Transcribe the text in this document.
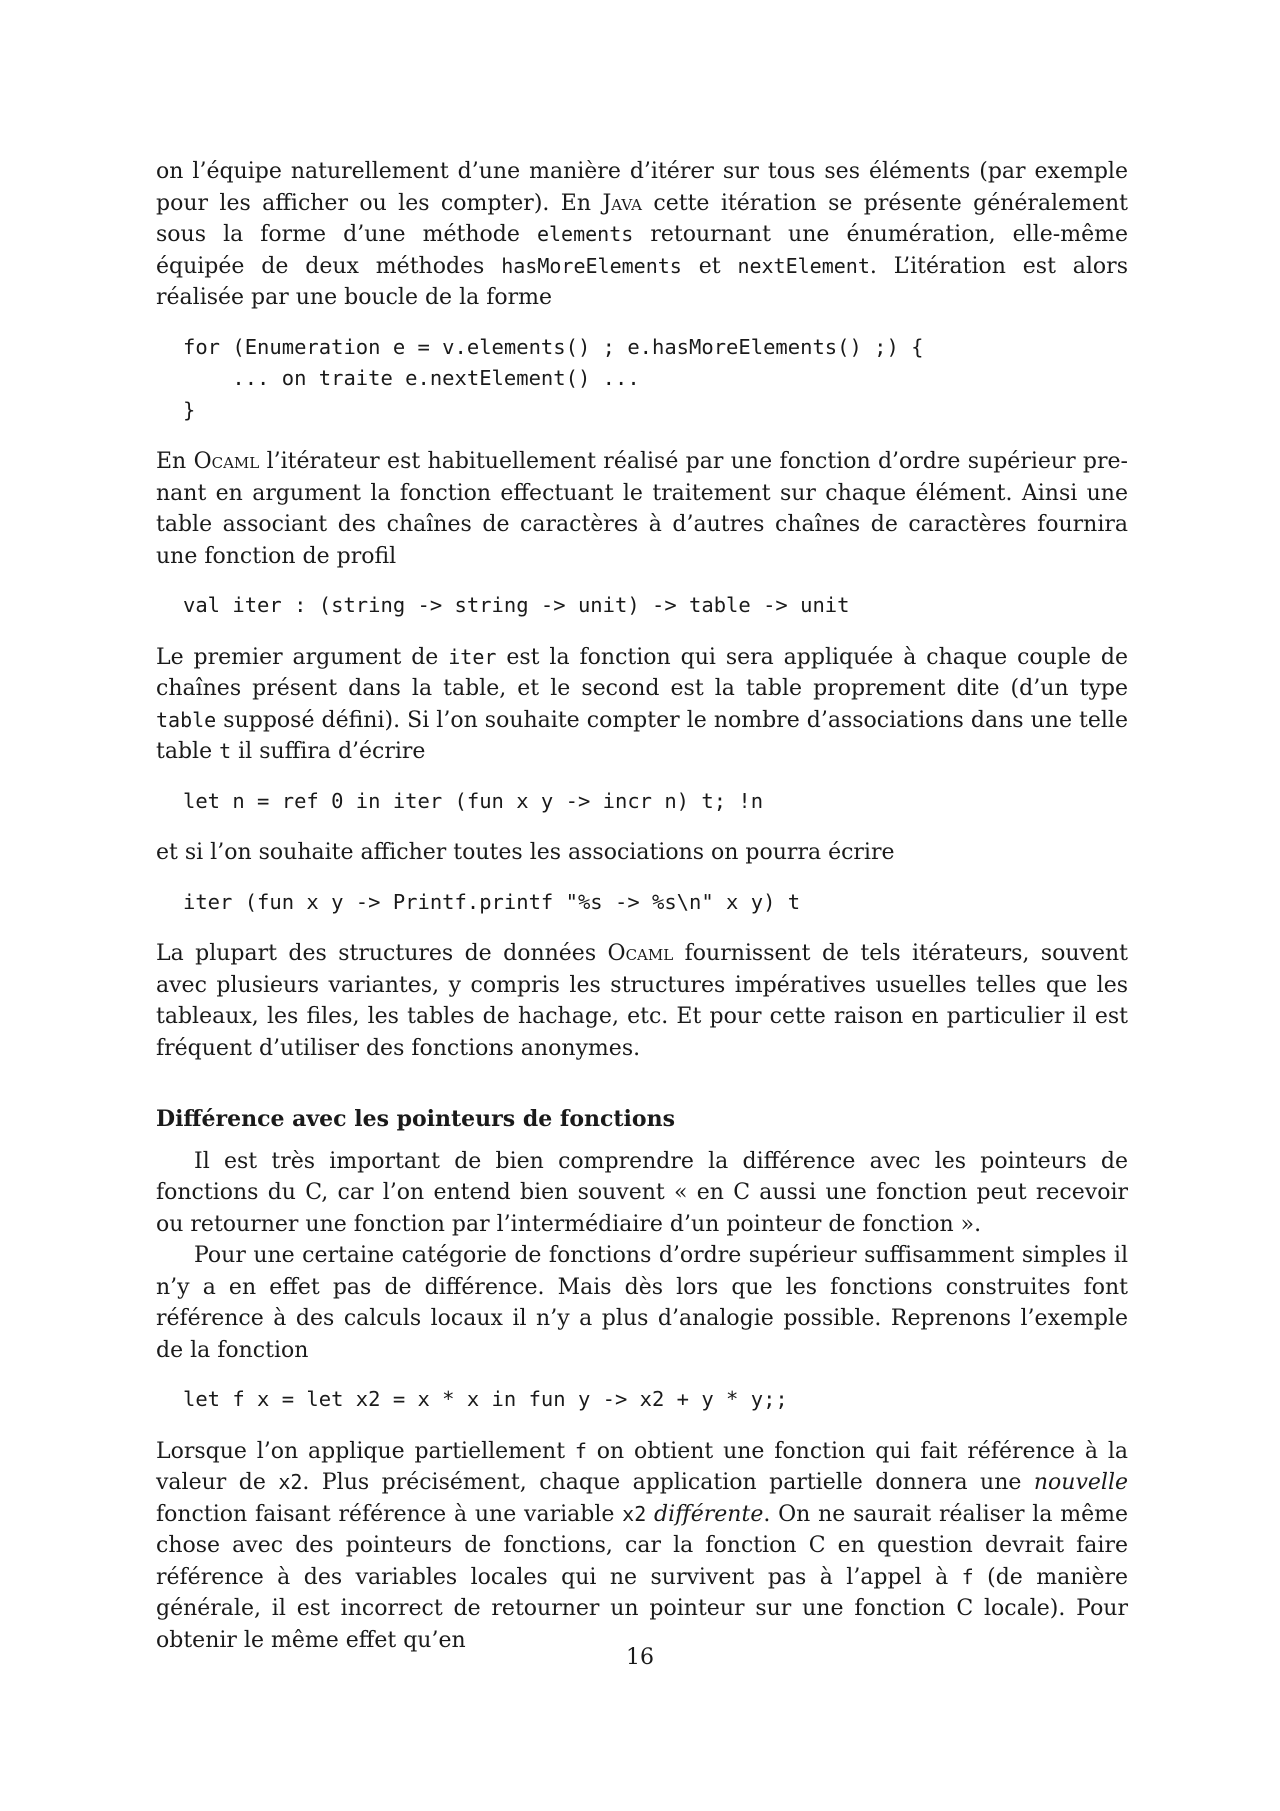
on l’équipe naturellement d’une manière d’itérer sur tous ses éléments (par exemple pour les afficher ou les compter). En Java cette itération se présente généralement sous la forme d’une méthode elements retournant une énumération, elle-même équipée de deux méthodes hasMoreElements et nextElement. L’itération est alors réalisée par une boucle de la forme

for (Enumeration e = v.elements() ; e.hasMoreElements() ;) {
... on traite e.nextElement() ...
}

En Ocaml l’itérateur est habituellement réalisé par une fonction d’ordre supérieur pre-nant en argument la fonction effectuant le traitement sur chaque élément. Ainsi une table associant des chaînes de caractères à d’autres chaînes de caractères fournira une fonction de profil

val iter : (string -> string -> unit) -> table -> unit

Le premier argument de iter est la fonction qui sera appliquée à chaque couple de chaînes présent dans la table, et le second est la table proprement dite (d’un type table supposé défini). Si l’on souhaite compter le nombre d’associations dans une telle table t il suffira d’écrire

let n = ref 0 in iter (fun x y -> incr n) t; !n

et si l’on souhaite afficher toutes les associations on pourra écrire

iter (fun x y -> Printf.printf "%s -> %s\n" x y) t

La plupart des structures de données Ocaml fournissent de tels itérateurs, souvent avec plusieurs variantes, y compris les structures impératives usuelles telles que les tableaux, les files, les tables de hachage, etc. Et pour cette raison en particulier il est fréquent d’utiliser des fonctions anonymes.

Différence avec les pointeurs de fonctions

Il est très important de bien comprendre la différence avec les pointeurs de fonctions du C, car l’on entend bien souvent « en C aussi une fonction peut recevoir ou retourner une fonction par l’intermédiaire d’un pointeur de fonction ».

Pour une certaine catégorie de fonctions d’ordre supérieur suffisamment simples il n’y a en effet pas de différence. Mais dès lors que les fonctions construites font référence à des calculs locaux il n’y a plus d’analogie possible. Reprenons l’exemple de la fonction

let f x = let x2 = x * x in fun y -> x2 + y * y;;

Lorsque l’on applique partiellement f on obtient une fonction qui fait référence à la valeur de x2. Plus précisément, chaque application partielle donnera une nouvelle fonction faisant référence à une variable x2 différente. On ne saurait réaliser la même chose avec des pointeurs de fonctions, car la fonction C en question devrait faire référence à des variables locales qui ne survivent pas à l’appel à f (de manière générale, il est incorrect de retourner un pointeur sur une fonction C locale). Pour obtenir le même effet qu’en

16
